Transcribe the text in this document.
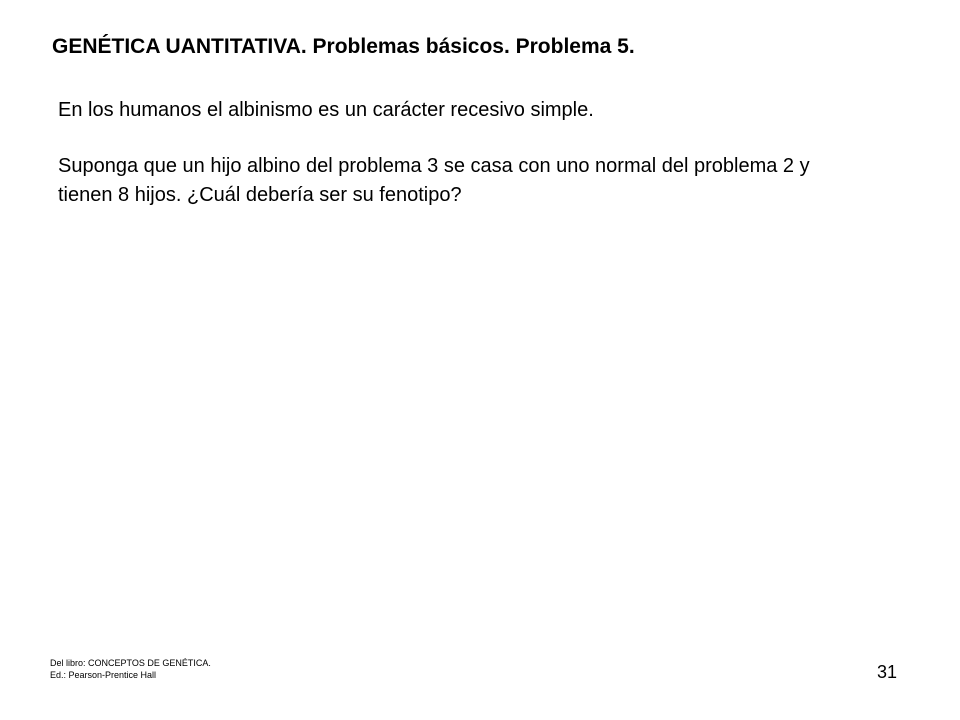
GENÉTICA UANTITATIVA. Problemas básicos. Problema 5.

En los humanos el albinismo es un carácter recesivo simple.

Suponga que un hijo albino del problema 3 se casa con uno normal del problema 2 y tienen 8 hijos. ¿Cuál debería ser su fenotipo?

Del libro: CONCEPTOS DE GENÉTICA.
Ed.: Pearson-Prentice Hall	31
